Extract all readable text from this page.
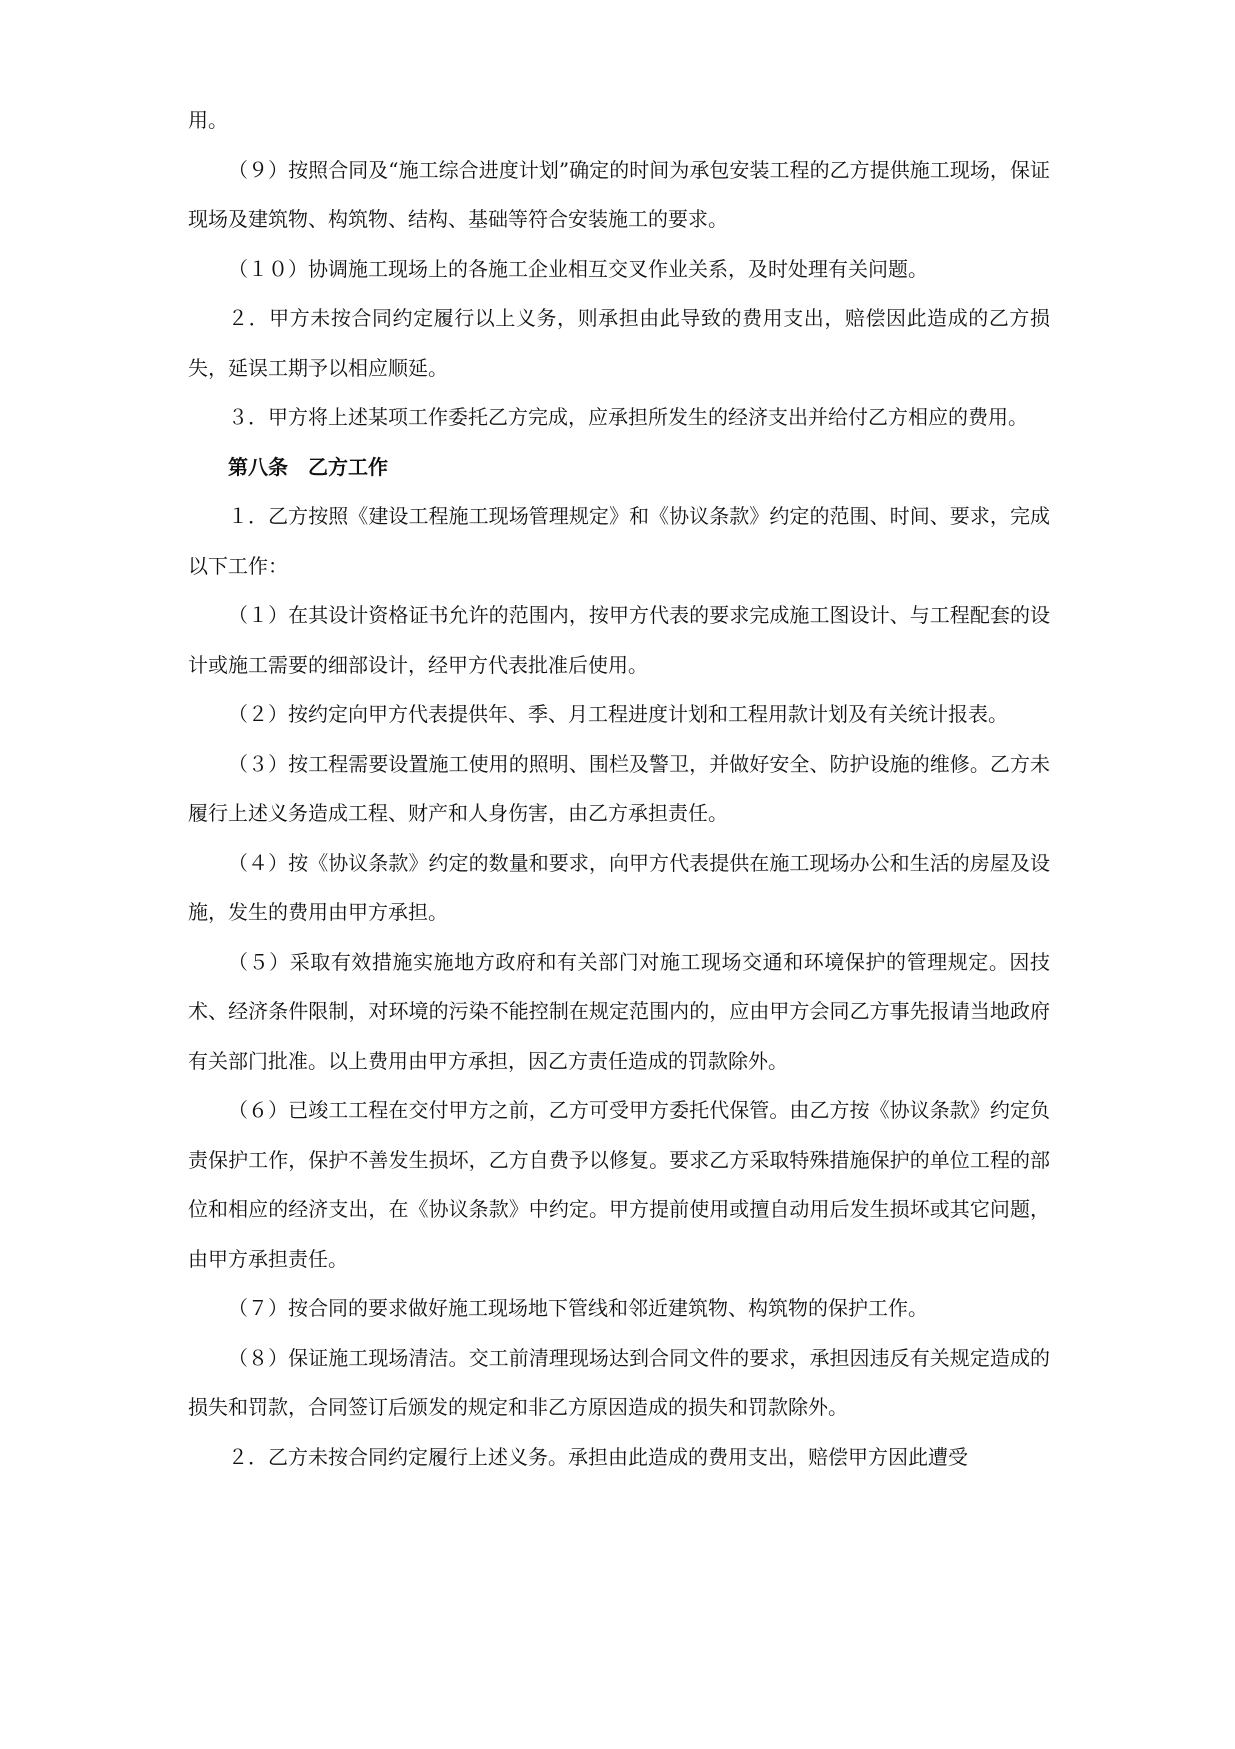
用。

（９）按照合同及“施工综合进度计划”确定的时间为承包安装工程的乙方提供施工现场，保证现场及建筑物、构筑物、结构、基础等符合安装施工的要求。

（１０）协调施工现场上的各施工企业相互交叉作业关系，及时处理有关问题。

２．甲方未按合同约定履行以上义务，则承担由此导致的费用支出，赔偿因此造成的乙方损失，延误工期予以相应顺延。

３．甲方将上述某项工作委托乙方完成，应承担所发生的经济支出并给付乙方相应的费用。

第八条　乙方工作

１．乙方按照《建设工程施工现场管理规定》和《协议条款》约定的范围、时间、要求，完成以下工作：

（１）在其设计资格证书允许的范围内，按甲方代表的要求完成施工图设计、与工程配套的设计或施工需要的细部设计，经甲方代表批准后使用。

（２）按约定向甲方代表提供年、季、月工程进度计划和工程用款计划及有关统计报表。

（３）按工程需要设置施工使用的照明、围栏及警卫，并做好安全、防护设施的维修。乙方未履行上述义务造成工程、财产和人身伤害，由乙方承担责任。

（４）按《协议条款》约定的数量和要求，向甲方代表提供在施工现场办公和生活的房屋及设施，发生的费用由甲方承担。

（５）采取有效措施实施地方政府和有关部门对施工现场交通和环境保护的管理规定。因技术、经济条件限制，对环境的污染不能控制在规定范围内的，应由甲方会同乙方事先报请当地政府有关部门批准。以上费用由甲方承担，因乙方责任造成的罚款除外。

（６）已竣工工程在交付甲方之前，乙方可受甲方委托代保管。由乙方按《协议条款》约定负责保护工作，保护不善发生损坏，乙方自费予以修复。要求乙方采取特殊措施保护的单位工程的部位和相应的经济支出，在《协议条款》中约定。甲方提前使用或擅自动用后发生损坏或其它问题，由甲方承担责任。

（７）按合同的要求做好施工现场地下管线和邻近建筑物、构筑物的保护工作。

（８）保证施工现场清洁。交工前清理现场达到合同文件的要求，承担因违反有关规定造成的损失和罚款，合同签订后颁发的规定和非乙方原因造成的损失和罚款除外。

２．乙方未按合同约定履行上述义务。承担由此造成的费用支出，赔偿甲方因此遭受
